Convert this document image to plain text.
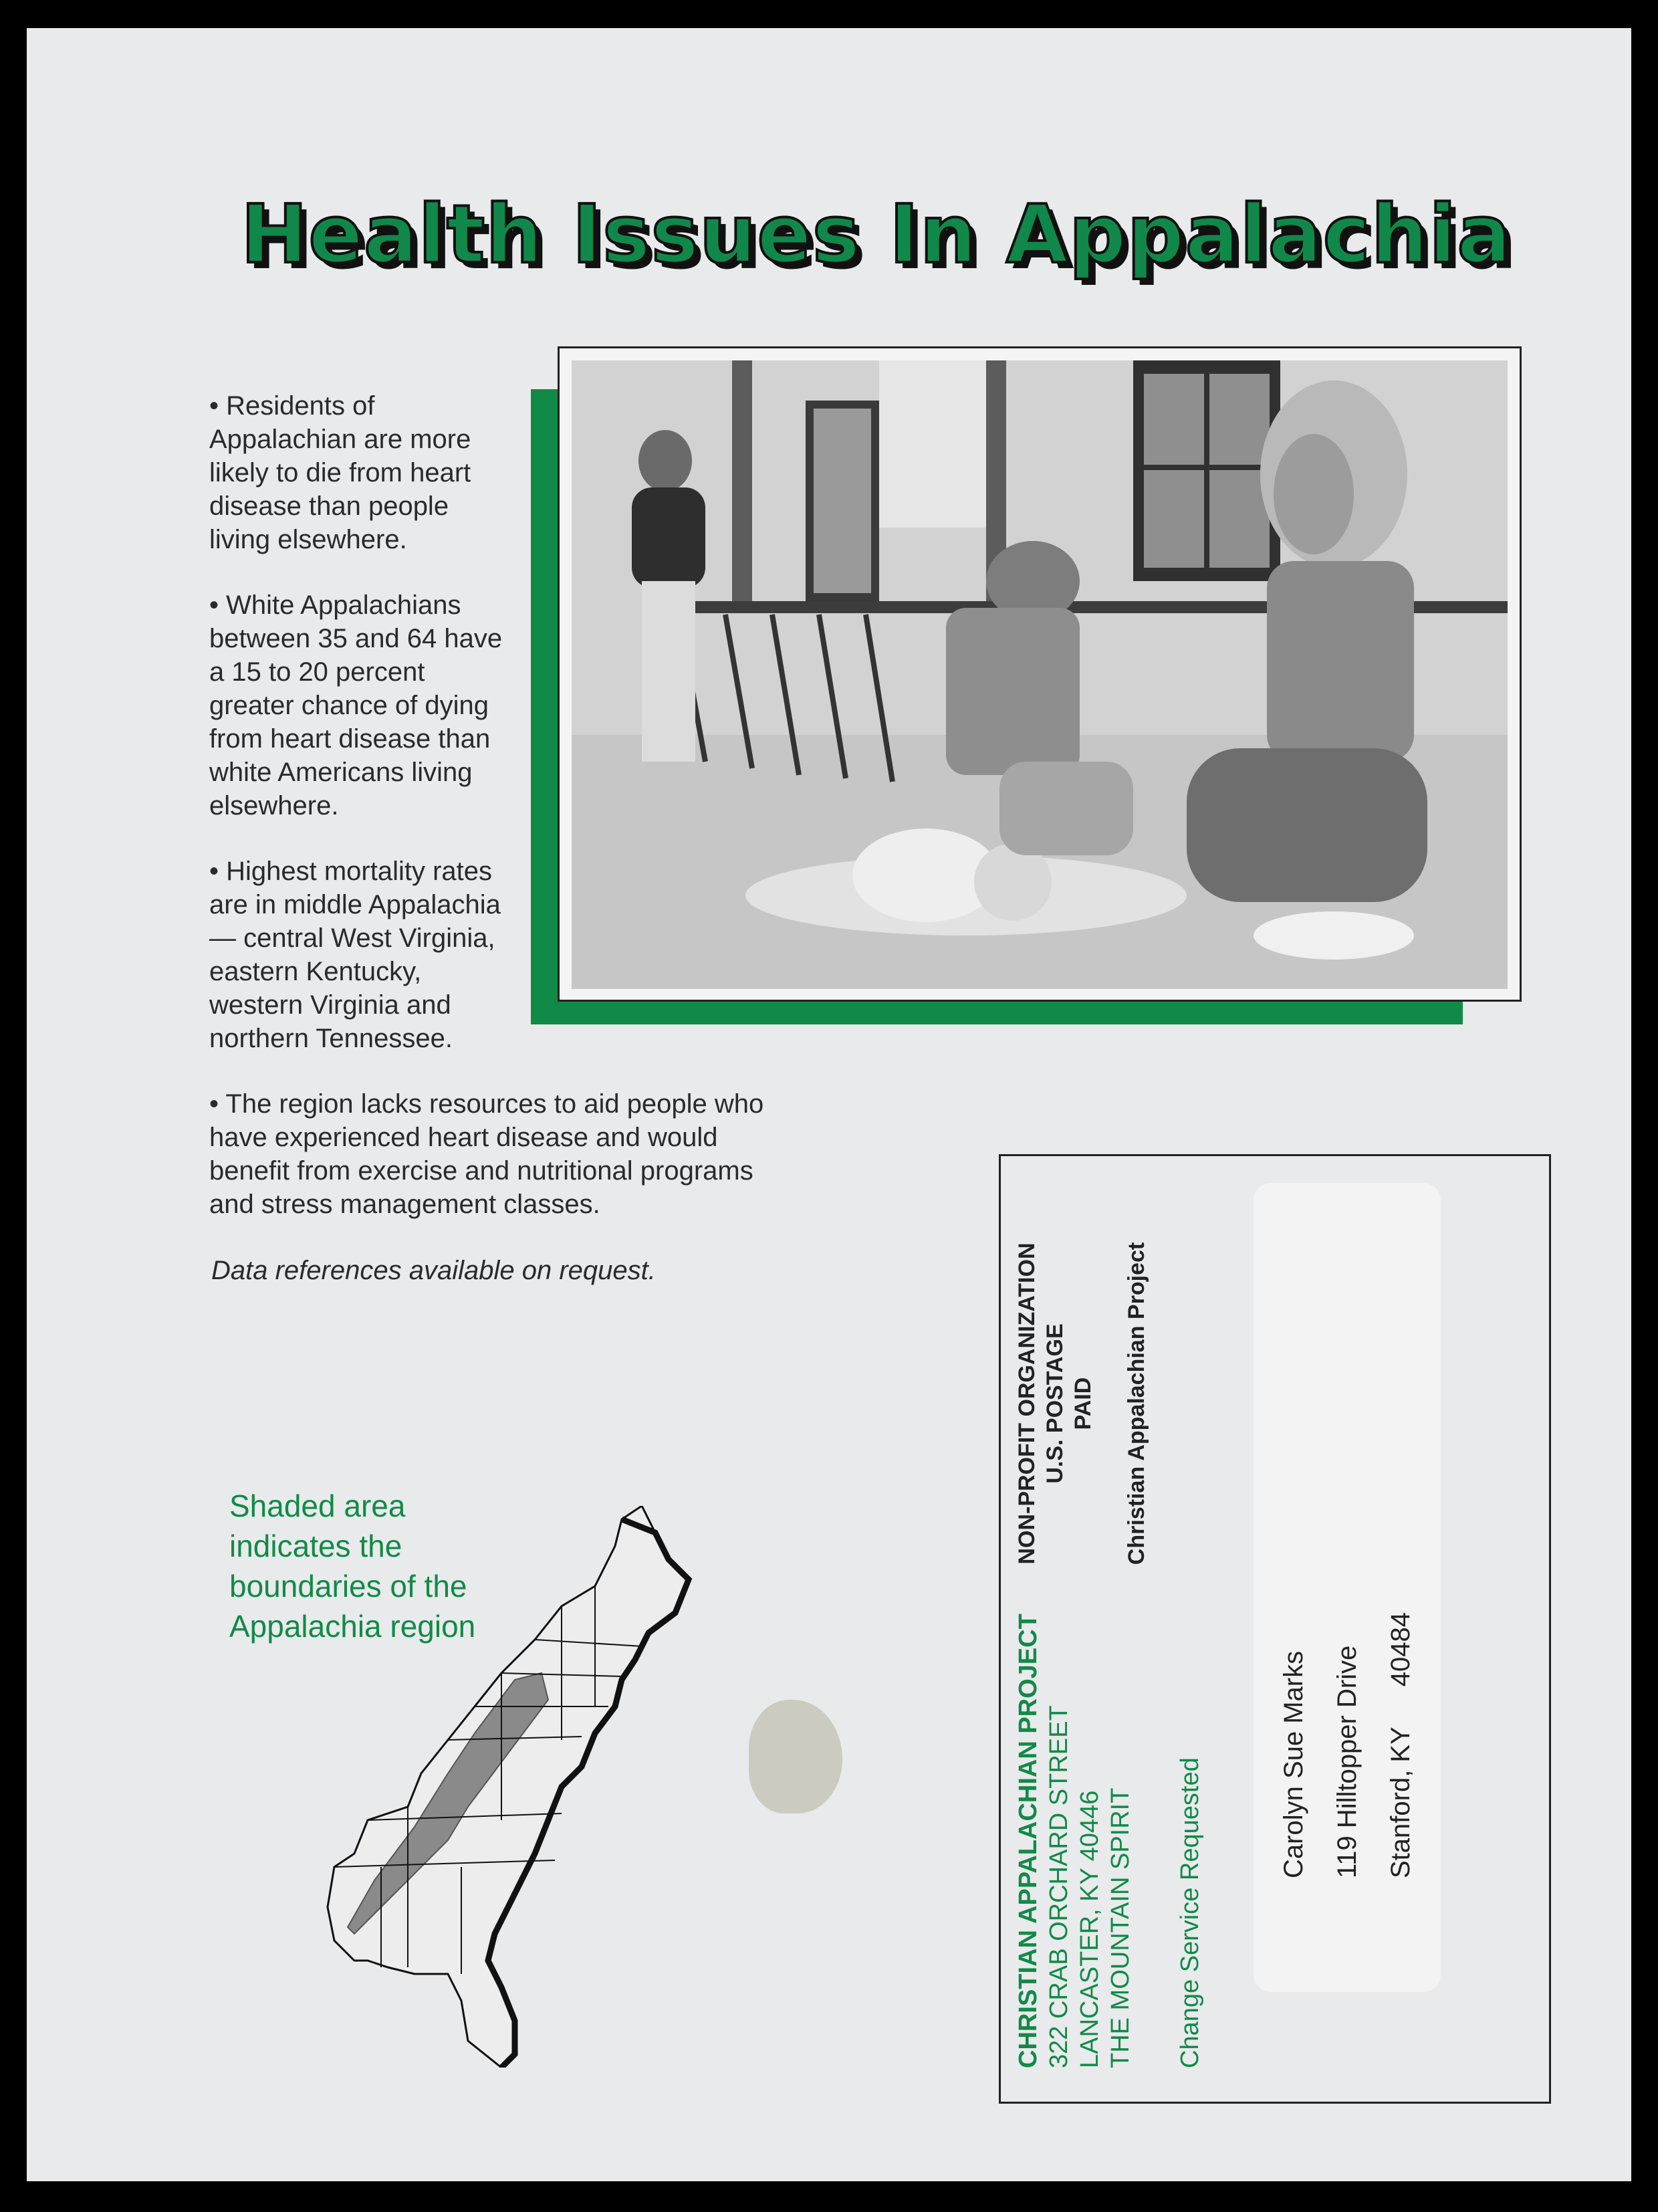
Health Issues In Appalachia

• Residents of Appalachian are more likely to die from heart disease than people living elsewhere.

• White Appalachians between 35 and 64 have a 15 to 20 percent greater chance of dying from heart disease than white Americans living elsewhere.

• Highest mortality rates are in middle Appalachia — central West Virginia, eastern Kentucky, western Virginia and northern Tennessee.

• The region lacks resources to aid people who have experienced heart disease and would benefit from exercise and nutritional programs and stress management classes.

Data references available on request.
Shaded area indicates the boundaries of the Appalachia region	CHRISTIAN APPALACHIAN PROJECT 322 CRAB ORCHARD STREET LANCASTER, KY 40446 THE MOUNTAIN SPIRIT Change Service Requested
NON-PROFIT ORGANIZATION U.S. POSTAGE PAID Christian Appalachian Project
Carolyn Sue Marks 119 Hilltopper Drive Stanford, KY40484
